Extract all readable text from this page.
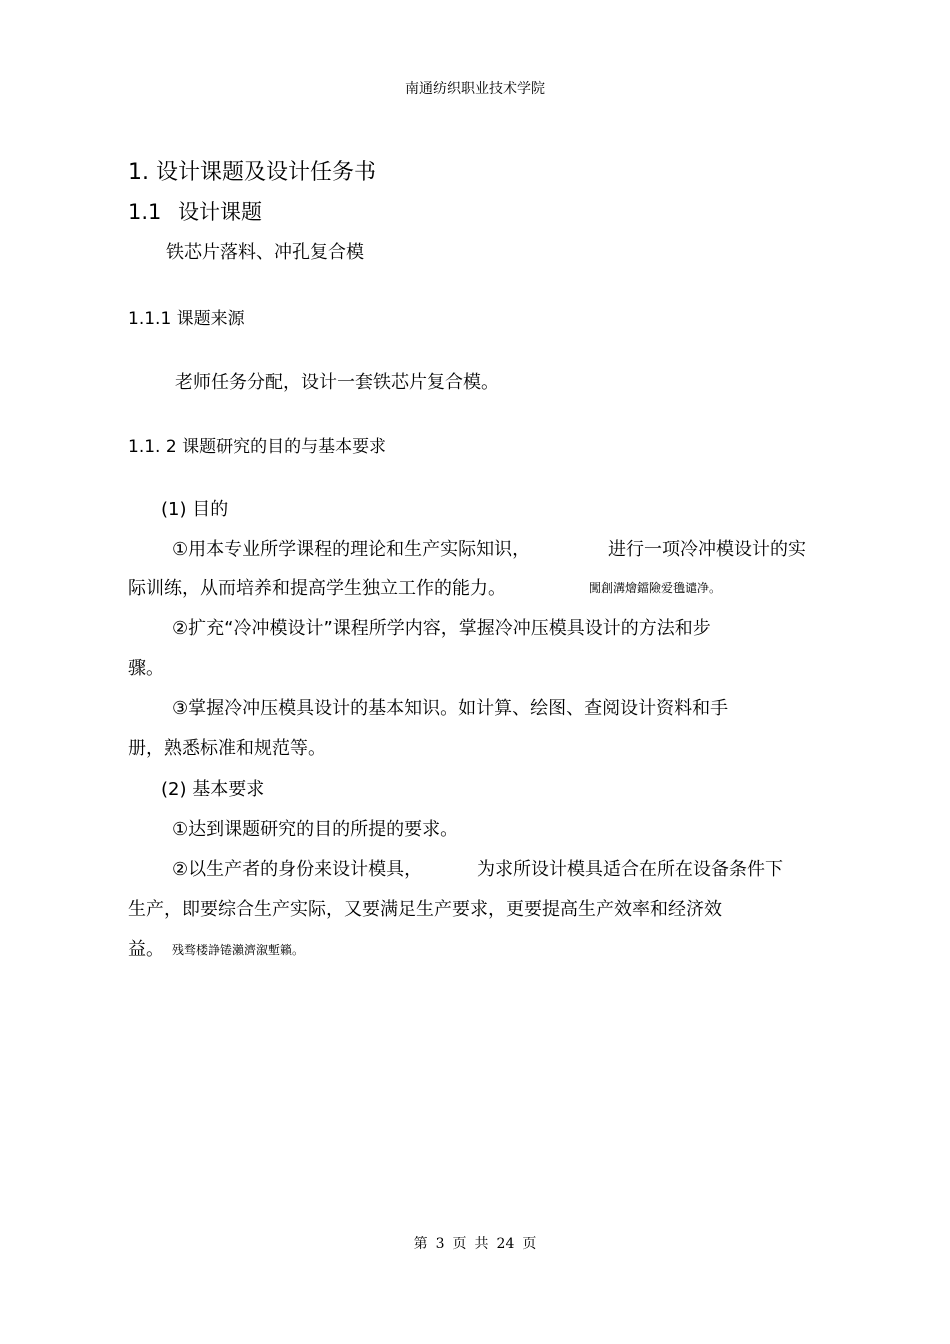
南通纺织职业技术学院
1. 设计课题及设计任务书
1.1 设计课题
铁芯片落料、冲孔复合模
1.1.1 课题来源
老师任务分配，设计一套铁芯片复合模。
1.1. 2 课题研究的目的与基本要求
(1) 目的
①用本专业所学课程的理论和生产实际知识，	进行一项冷冲模设计的实
际训练，从而培养和提高学生独立工作的能力。	闖創溝燴鐺險爱氇谴净。
②扩充“冷冲模设计”课程所学内容，掌握冷冲压模具设计的方法和步
骤。
③掌握冷冲压模具设计的基本知识。如计算、绘图、查阅设计资料和手
册，熟悉标准和规范等。
(2) 基本要求
①达到课题研究的目的所提的要求。
②以生产者的身份来设计模具，	为求所设计模具适合在所在设备条件下
生产，即要综合生产实际，又要满足生产要求，更要提高生产效率和经济效
益。 残骛楼諍锩瀨濟溆塹籟。
第 3 页 共 24 页
